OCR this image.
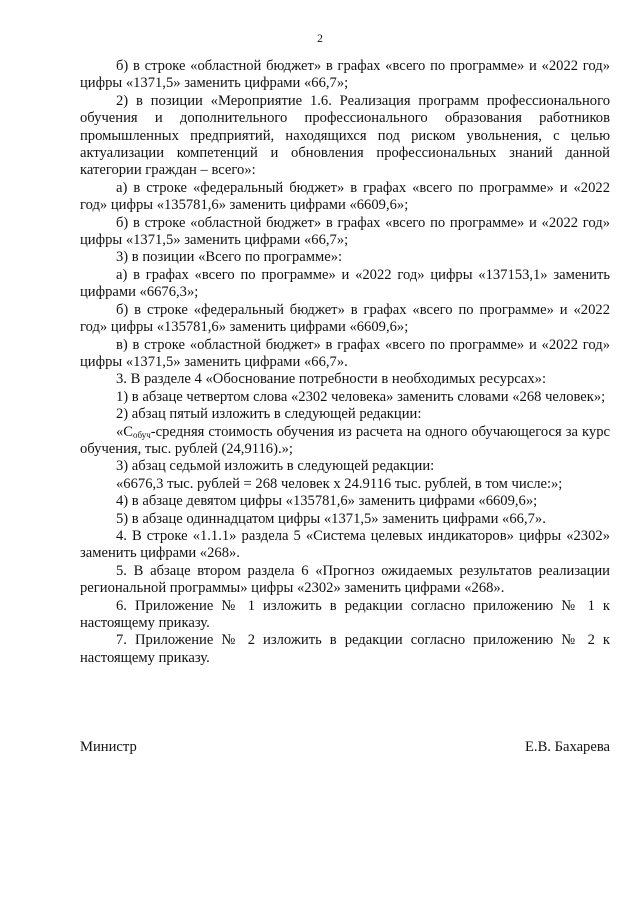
2

б) в строке «областной бюджет» в графах «всего по программе» и «2022 год» цифры «1371,5» заменить цифрами «66,7»;

2) в позиции «Мероприятие 1.6. Реализация программ профессионального обучения и дополнительного профессионального образования работников промышленных предприятий, находящихся под риском увольнения, с целью актуализации компетенций и обновления профессиональных знаний данной категории граждан – всего»:

а) в строке «федеральный бюджет» в графах «всего по программе» и «2022 год» цифры «135781,6» заменить цифрами «6609,6»;

б) в строке «областной бюджет» в графах «всего по программе» и «2022 год» цифры «1371,5» заменить цифрами «66,7»;

3) в позиции «Всего по программе»:

а) в графах «всего по программе» и «2022 год» цифры «137153,1» заменить цифрами «6676,3»;

б) в строке «федеральный бюджет» в графах «всего по программе» и «2022 год» цифры «135781,6» заменить цифрами «6609,6»;

в) в строке «областной бюджет» в графах «всего по программе» и «2022 год» цифры «1371,5» заменить цифрами «66,7».

3. В разделе 4 «Обоснование потребности в необходимых ресурсах»:

1) в абзаце четвертом слова «2302 человека» заменить словами «268 человек»;

2) абзац пятый изложить в следующей редакции:

«$С_{обуч}$-средняя стоимость обучения из расчета на одного обучающегося за курс обучения, тыс. рублей (24,9116).»;

3) абзац седьмой изложить в следующей редакции:

«6676,3 тыс. рублей = 268 человек х 24.9116 тыс. рублей, в том числе:»;

4) в абзаце девятом цифры «135781,6» заменить цифрами «6609,6»;

5) в абзаце одиннадцатом цифры «1371,5» заменить цифрами «66,7».

4. В строке «1.1.1» раздела 5 «Система целевых индикаторов» цифры «2302» заменить цифрами «268».

5. В абзаце втором раздела 6 «Прогноз ожидаемых результатов реализации региональной программы» цифры «2302» заменить цифрами «268».

6. Приложение № 1 изложить в редакции согласно приложению № 1 к настоящему приказу.

7. Приложение № 2 изложить в редакции согласно приложению № 2 к настоящему приказу.

Министр	Е.В. Бахарева
